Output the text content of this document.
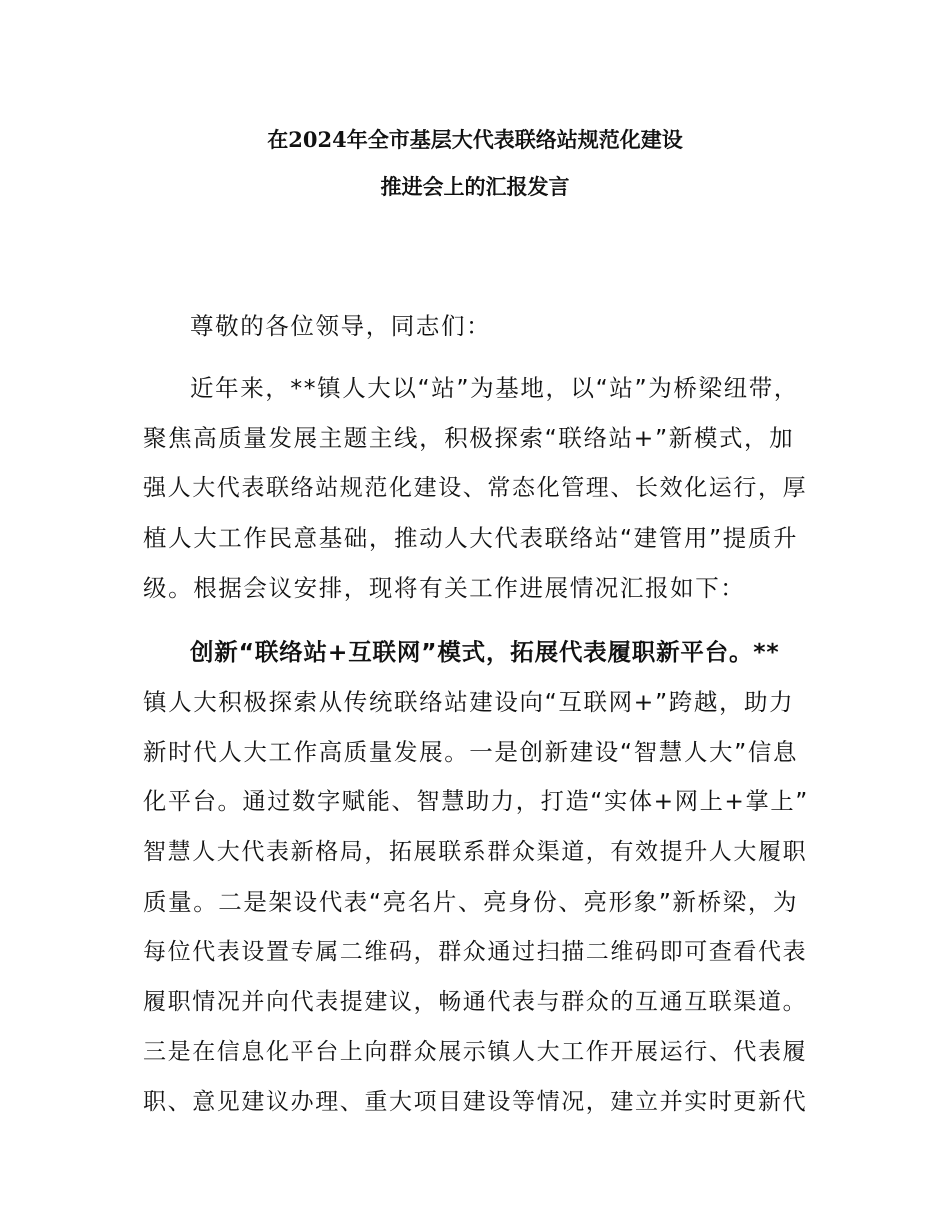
在2024年全市基层大代表联络站规范化建设
推进会上的汇报发言
尊敬的各位领导，同志们：
近年来，**镇人大以“站”为基地，以“站”为桥梁纽带，
聚焦高质量发展主题主线，积极探索“联络站+”新模式，加
强人大代表联络站规范化建设、常态化管理、长效化运行，厚
植人大工作民意基础，推动人大代表联络站“建管用”提质升
级。根据会议安排，现将有关工作进展情况汇报如下：
创新“联络站+互联网”模式，拓展代表履职新平台。**
镇人大积极探索从传统联络站建设向“互联网+”跨越，助力
新时代人大工作高质量发展。一是创新建设“智慧人大”信息
化平台。通过数字赋能、智慧助力，打造“实体+网上+掌上”
智慧人大代表新格局，拓展联系群众渠道，有效提升人大履职
质量。二是架设代表“亮名片、亮身份、亮形象”新桥梁，为
每位代表设置专属二维码，群众通过扫描二维码即可查看代表
履职情况并向代表提建议，畅通代表与群众的互通互联渠道。
三是在信息化平台上向群众展示镇人大工作开展运行、代表履
职、意见建议办理、重大项目建设等情况，建立并实时更新代
